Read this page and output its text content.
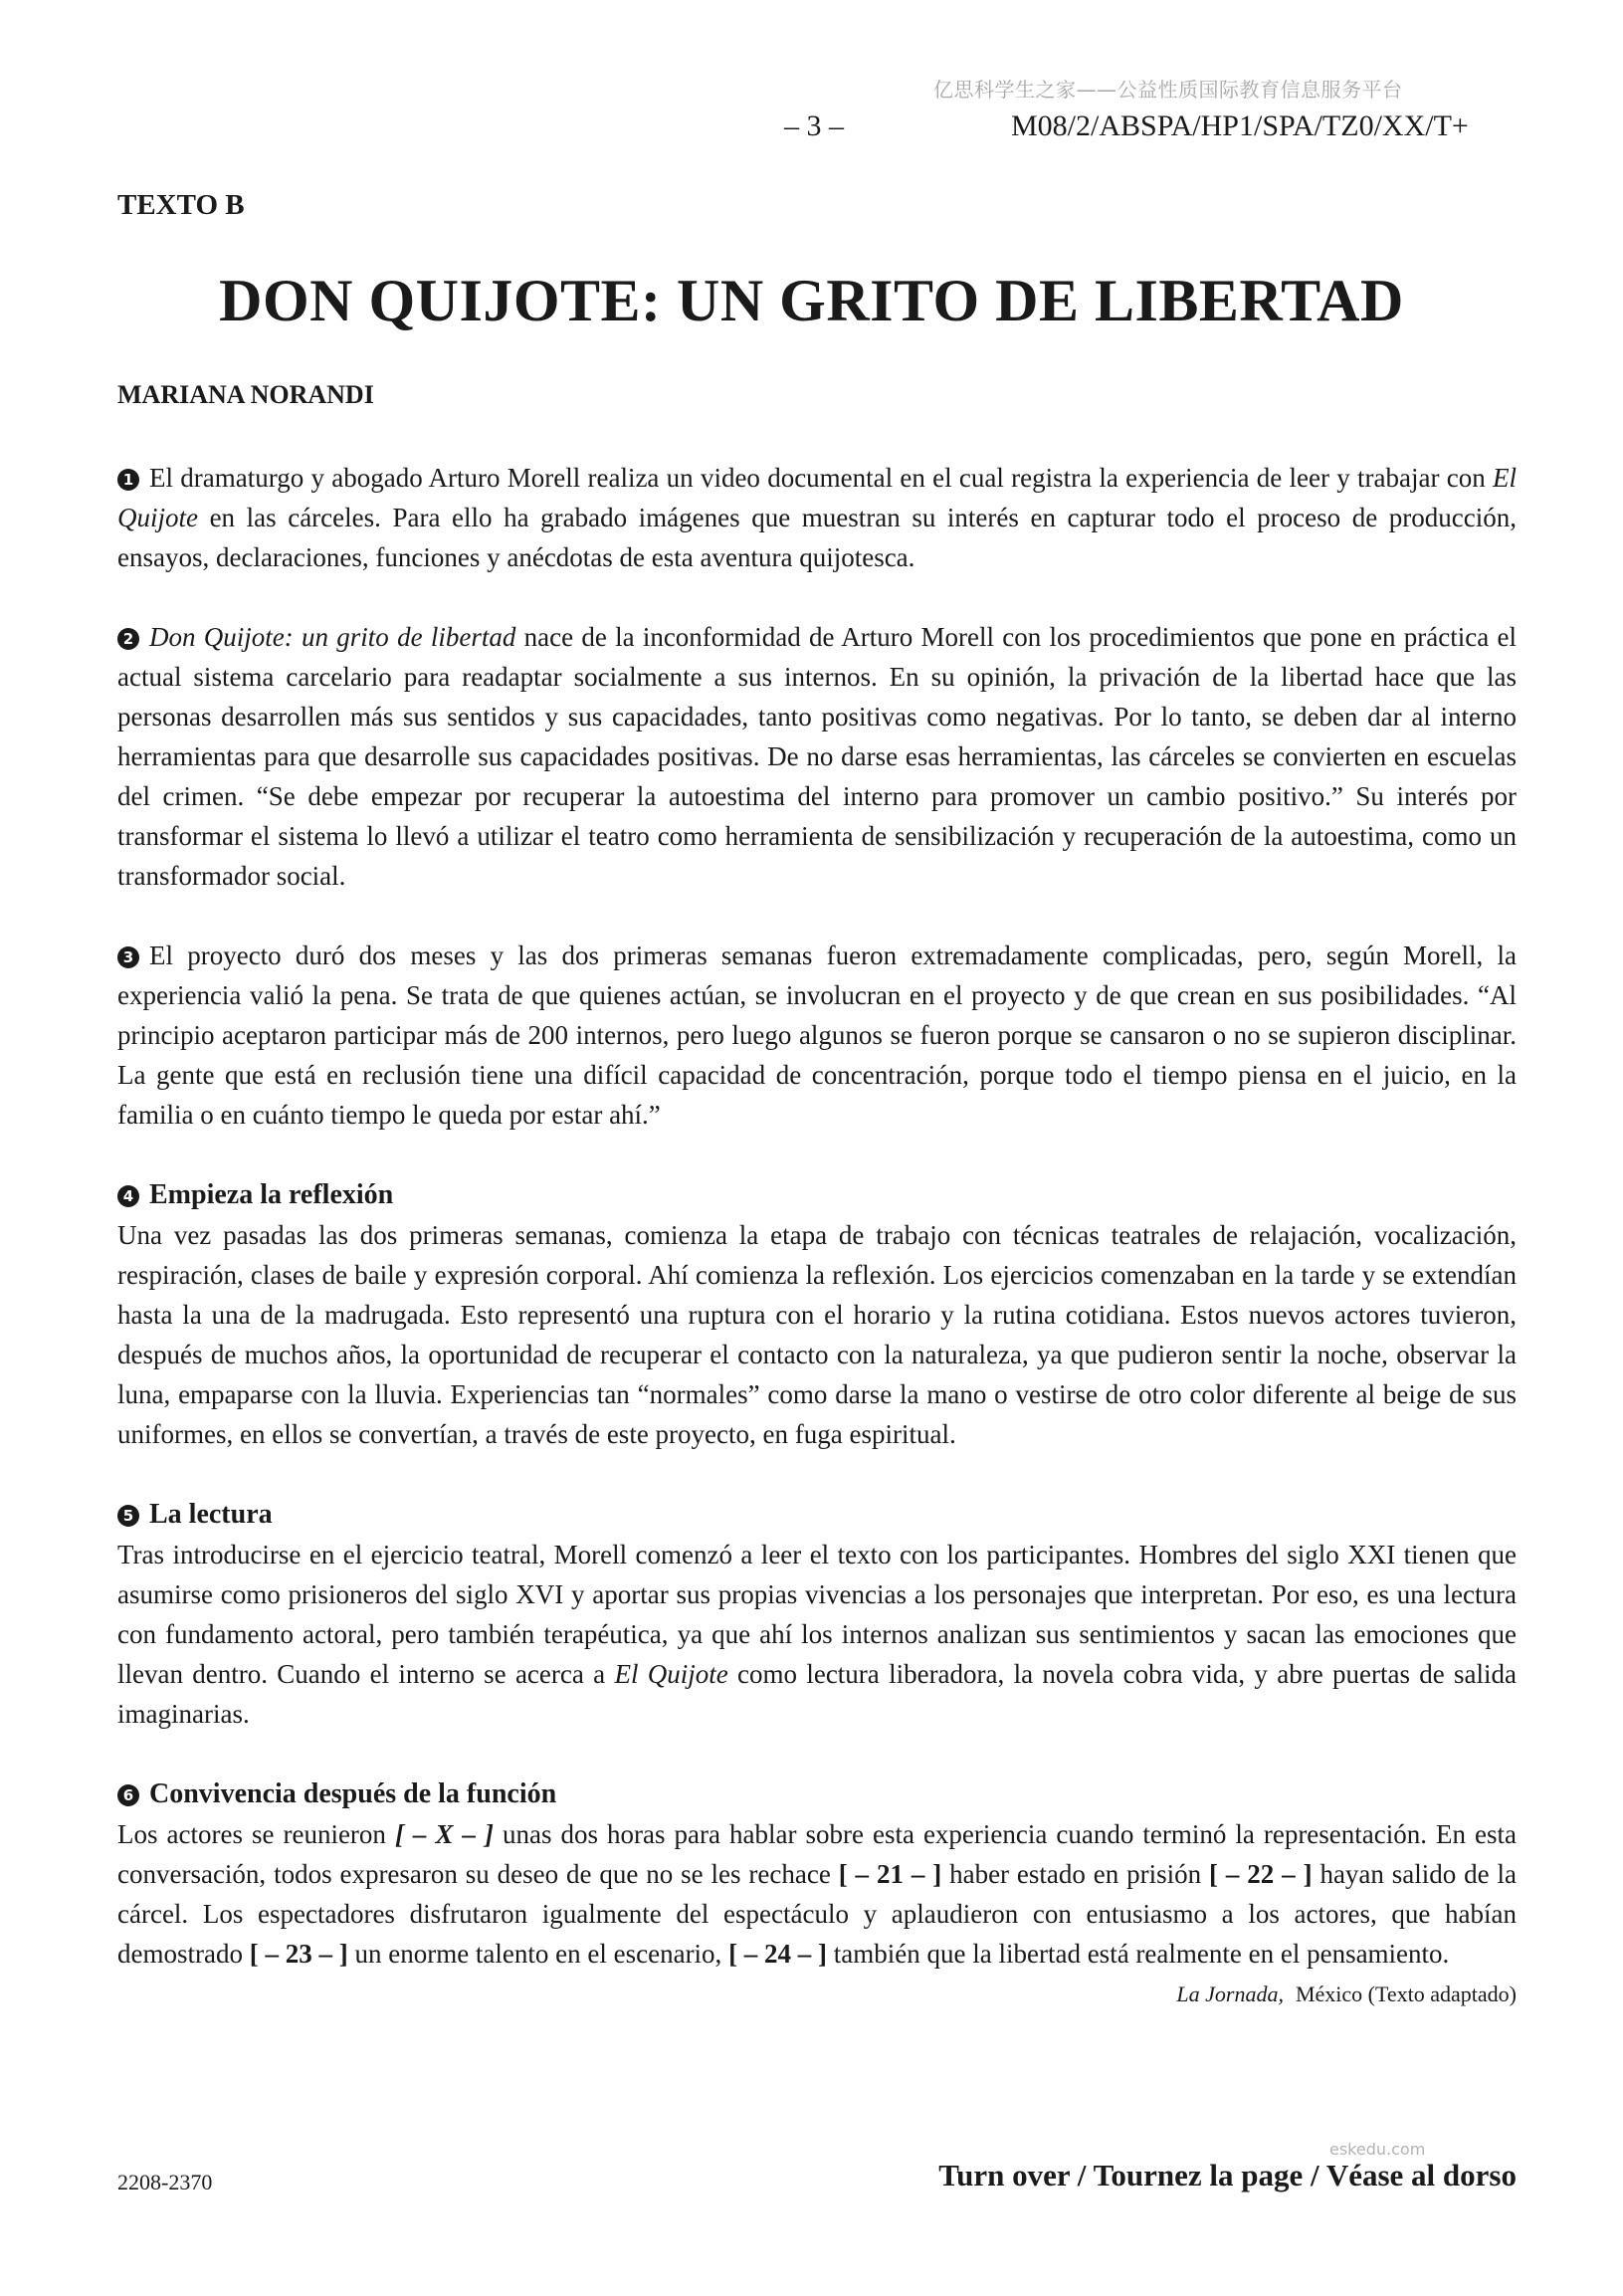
亿思科学生之家——公益性质国际教育信息服务平台
– 3 –	M08/2/ABSPA/HP1/SPA/TZ0/XX/T+
TEXTO B
DON QUIJOTE: UN GRITO DE LIBERTAD
MARIANA NORANDI

1 El dramaturgo y abogado Arturo Morell realiza un video documental en el cual registra la experiencia de leer y trabajar con El Quijote en las cárceles. Para ello ha grabado imágenes que muestran su interés en capturar todo el proceso de producción, ensayos, declaraciones, funciones y anécdotas de esta aventura quijotesca.

2 Don Quijote: un grito de libertad nace de la inconformidad de Arturo Morell con los procedimientos que pone en práctica el actual sistema carcelario para readaptar socialmente a sus internos. En su opinión, la privación de la libertad hace que las personas desarrollen más sus sentidos y sus capacidades, tanto positivas como negativas. Por lo tanto, se deben dar al interno herramientas para que desarrolle sus capacidades positivas. De no darse esas herramientas, las cárceles se convierten en escuelas del crimen. “Se debe empezar por recuperar la autoestima del interno para promover un cambio positivo.” Su interés por transformar el sistema lo llevó a utilizar el teatro como herramienta de sensibilización y recuperación de la autoestima, como un transformador social.

3 El proyecto duró dos meses y las dos primeras semanas fueron extremadamente complicadas, pero, según Morell, la experiencia valió la pena. Se trata de que quienes actúan, se involucran en el proyecto y de que crean en sus posibilidades. “Al principio aceptaron participar más de 200 internos, pero luego algunos se fueron porque se cansaron o no se supieron disciplinar. La gente que está en reclusión tiene una difícil capacidad de concentración, porque todo el tiempo piensa en el juicio, en la familia o en cuánto tiempo le queda por estar ahí.”

4 Empieza la reflexión

Una vez pasadas las dos primeras semanas, comienza la etapa de trabajo con técnicas teatrales de relajación, vocalización, respiración, clases de baile y expresión corporal. Ahí comienza la reflexión. Los ejercicios comenzaban en la tarde y se extendían hasta la una de la madrugada. Esto representó una ruptura con el horario y la rutina cotidiana. Estos nuevos actores tuvieron, después de muchos años, la oportunidad de recuperar el contacto con la naturaleza, ya que pudieron sentir la noche, observar la luna, empaparse con la lluvia. Experiencias tan “normales” como darse la mano o vestirse de otro color diferente al beige de sus uniformes, en ellos se convertían, a través de este proyecto, en fuga espiritual.

5 La lectura

Tras introducirse en el ejercicio teatral, Morell comenzó a leer el texto con los participantes. Hombres del siglo XXI tienen que asumirse como prisioneros del siglo XVI y aportar sus propias vivencias a los personajes que interpretan. Por eso, es una lectura con fundamento actoral, pero también terapéutica, ya que ahí los internos analizan sus sentimientos y sacan las emociones que llevan dentro. Cuando el interno se acerca a El Quijote como lectura liberadora, la novela cobra vida, y abre puertas de salida imaginarias.

6 Convivencia después de la función

Los actores se reunieron [ – X – ] unas dos horas para hablar sobre esta experiencia cuando terminó la representación. En esta conversación, todos expresaron su deseo de que no se les rechace [ – 21 – ] haber estado en prisión [ – 22 – ] hayan salido de la cárcel. Los espectadores disfrutaron igualmente del espectáculo y aplaudieron con entusiasmo a los actores, que habían demostrado [ – 23 – ] un enorme talento en el escenario, [ – 24 – ] también que la libertad está realmente en el pensamiento.

La Jornada, México (Texto adaptado)
eskedu.com
2208-2370	Turn over / Tournez la page / Véase al dorso
